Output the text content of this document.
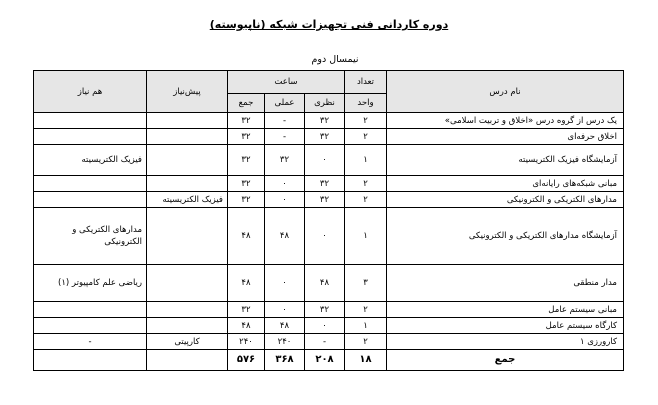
دوره کاردانی فنی تجهیزات شبکه (ناپیوسته)
نیمسال دوم
نام درس	تعداد	ساعت			پیش‌نیاز	هم نیاز
	واحد	نظری	عملی	جمع		
یک درس از گروه درس «اخلاق و تربیت اسلامی»	۲	۳۲	-	۳۲		
اخلاق حرفه‌ای	۲	۳۲	-	۳۲		
آزمایشگاه فیزیک الکتریسیته	۱	۰	۳۲	۳۲		فیزیک الکتریسیته
مبانی شبکه‌های رایانه‌ای	۲	۳۲	۰	۳۲		
مدارهای الکتریکی و الکترونیکی	۲	۳۲	۰	۳۲	فیزیک الکتریسیته	
آزمایشگاه مدارهای الکتریکی و الکترونیکی	۱	۰	۴۸	۴۸		مدارهای الکتریکی و الکترونیکی
مدار منطقی	۳	۴۸	۰	۴۸		ریاضی علم کامپیوتر (۱)
مبانی سیستم عامل	۲	۳۲	۰	۳۲		
کارگاه سیستم عامل	۱	۰	۴۸	۴۸		
کارورزی ۱	۲	-	۲۴۰	۲۴۰	کارپیتی	-
جمع	۱۸	۲۰۸	۳۶۸	۵۷۶		
